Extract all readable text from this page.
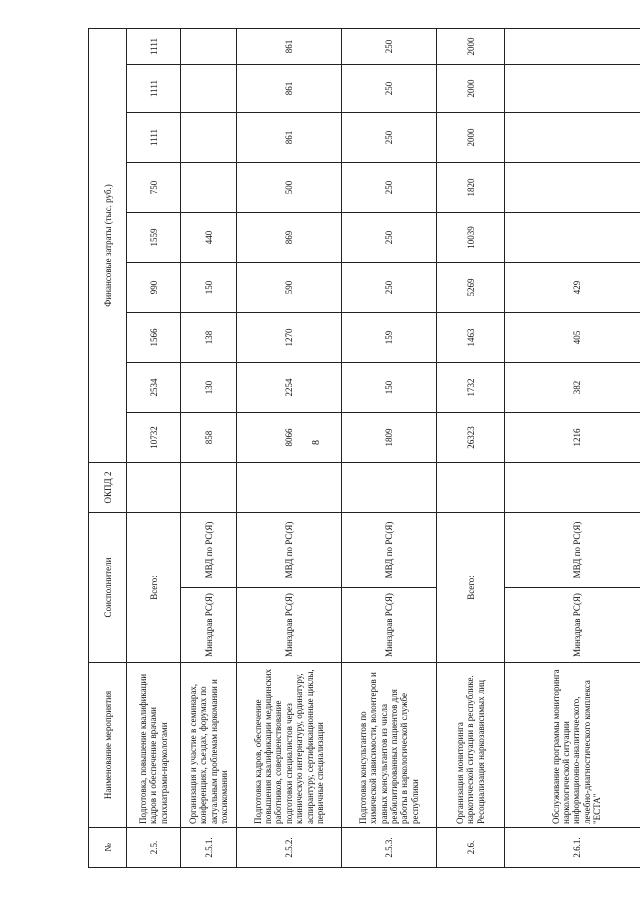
8
№	Наименование мероприятия	Соисполнители		ОКПД 2	Финансовые затраты (тыс. руб.)								
2.5.	Подготовка, повышение квалификации кадров и обеспечение врачами психиатрами-наркологами	Всего:			10732	2534	1566	990	1559	750	1111	1111	1111
2.5.1.	Организация и участие в семинарах, конференциях, съездах, форумах по актуальным проблемам наркомании и токсикомании	Минздрав РС(Я)	МВД по РС(Я)		858	130	138	150	440				
2.5.2.	Подготовка кадров, обеспечение повышения квалификации медицинских работников, совершенствование подготовки специалистов через клиническую интернатуру, ординатуру, аспирантуру, сертификационные циклы, первичные специализации	Минздрав РС(Я)	МВД по РС(Я)		8066	2254	1270	590	869	500	861	861	861
2.5.3.	Подготовка консультантов по химической зависимости, волонтеров и равных консультантов из числа реабилитированных пациентов для работы в наркологической службе республики	Минздрав РС(Я)	МВД по РС(Я)		1809	150	159	250	250	250	250	250	250
2.6.	Организация мониторинга наркотической ситуации в республике. Ресоциализация наркозависимых лиц	Всего:			26323	1732	1463	5269	10039	1820	2000	2000	2000
2.6.1.	Обслуживание программы мониторинга наркологической ситуации информационно-аналитического, лечебно-диагностического комплекса "ЕСТА"	Минздрав РС(Я)	МВД по РС(Я)		1216	382	405	429					
